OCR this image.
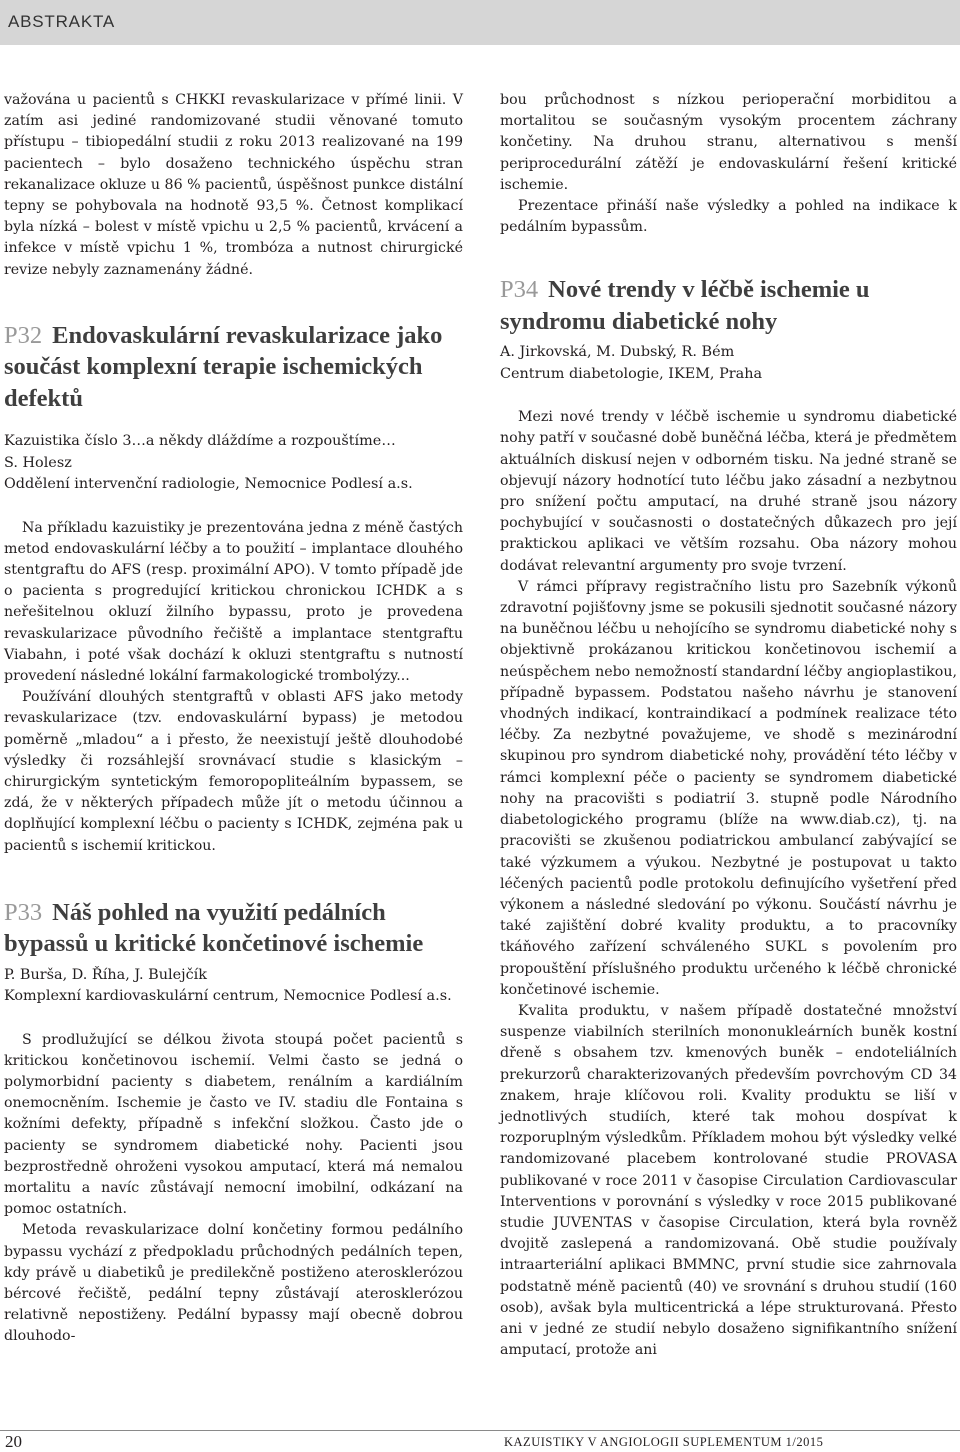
ABSTRAKTA

važována u pacientů s CHKKI revaskularizace v přímé linii. V zatím asi jediné randomizované studii věnované tomuto přístupu – tibiopedální studii z roku 2013 realizované na 199 pacientech – bylo dosaženo technického úspěchu stran rekanalizace okluze u 86 % pacientů, úspěšnost punkce distální tepny se pohybovala na hodnotě 93,5 %. Četnost komplikací byla nízká – bolest v místě vpichu u 2,5 % pacientů, krvácení a infekce v místě vpichu 1 %, trombóza a nutnost chirurgické revize nebyly zaznamenány žádné.

P32 Endovaskulární revaskularizace jako součást komplexní terapie ischemických defektů

Kazuistika číslo 3…a někdy dláždíme a rozpouštíme…

S. Holesz

Oddělení intervenční radiologie, Nemocnice Podlesí a.s.

Na příkladu kazuistiky je prezentována jedna z méně častých metod endovaskulární léčby a to použití – implantace dlouhého stentgraftu do AFS (resp. proximální APO). V tomto případě jde o pacienta s progredující kritickou chronickou ICHDK a s neřešitelnou okluzí žilního bypassu, proto je provedena revaskularizace původního řečiště a implantace stentgraftu Viabahn, i poté však dochází k okluzi stentgraftu s nutností provedení následné lokální farmakologické trombolýzy...

Používání dlouhých stentgraftů v oblasti AFS jako metody revaskularizace (tzv. endovaskulární bypass) je metodou poměrně „mladou“ a i přesto, že neexistují ještě dlouhodobé výsledky či rozsáhlejší srovnávací studie s klasickým – chirurgickým syntetickým femoropopliteálním bypassem, se zdá, že v některých případech může jít o metodu účinnou a doplňující komplexní léčbu o pacienty s ICHDK, zejména pak u pacientů s ischemií kritickou.

P33 Náš pohled na využití pedálních bypassů u kritické končetinové ischemie

P. Burša, D. Říha, J. Bulejčík

Komplexní kardiovaskulární centrum, Nemocnice Podlesí a.s.

S prodlužující se délkou života stoupá počet pacientů s kritickou končetinovou ischemií. Velmi často se jedná o polymorbidní pacienty s diabetem, renálním a kardiálním onemocněním. Ischemie je často ve IV. stadiu dle Fontaina s kožními defekty, případně s infekční složkou. Často jde o pacienty se syndromem diabetické nohy. Pacienti jsou bezprostředně ohroženi vysokou amputací, která má nemalou mortalitu a navíc zůstávají nemocní imobilní, odkázaní na pomoc ostatních.

Metoda revaskularizace dolní končetiny formou pedálního bypassu vychází z předpokladu průchodných pedálních tepen, kdy právě u diabetiků je predilekčně postiženo aterosklerózou bércové řečiště, pedální tepny zůstávají aterosklerózou relativně nepostiženy. Pedální bypassy mají obecně dobrou dlouhodo-

bou průchodnost s nízkou perioperační morbiditou a mortalitou se současným vysokým procentem záchrany končetiny. Na druhou stranu, alternativou s menší periprocedurální zátěží je endovaskulární řešení kritické ischemie.

Prezentace přináší naše výsledky a pohled na indikace k pedálním bypassům.

P34 Nové trendy v léčbě ischemie u syndromu diabetické nohy

A. Jirkovská, M. Dubský, R. Bém

Centrum diabetologie, IKEM, Praha

Mezi nové trendy v léčbě ischemie u syndromu diabetické nohy patří v současné době buněčná léčba, která je předmětem aktuálních diskusí nejen v odborném tisku. Na jedné straně se objevují názory hodnotící tuto léčbu jako zásadní a nezbytnou pro snížení počtu amputací, na druhé straně jsou názory pochybující v současnosti o dostatečných důkazech pro její praktickou aplikaci ve větším rozsahu. Oba názory mohou dodávat relevantní argumenty pro svoje tvrzení.

V rámci přípravy registračního listu pro Sazebník výkonů zdravotní pojišťovny jsme se pokusili sjednotit současné názory na buněčnou léčbu u nehojícího se syndromu diabetické nohy s objektivně prokázanou kritickou končetinovou ischemií a neúspěchem nebo nemožností standardní léčby angioplastikou, případně bypassem. Podstatou našeho návrhu je stanovení vhodných indikací, kontraindikací a podmínek realizace této léčby. Za nezbytné považujeme, ve shodě s mezinárodní skupinou pro syndrom diabetické nohy, provádění této léčby v rámci komplexní péče o pacienty se syndromem diabetické nohy na pracovišti s podiatrií 3. stupně podle Národního diabetologického programu (blíže na www.diab.cz), tj. na pracovišti se zkušenou podiatrickou ambulancí zabývající se také výzkumem a výukou. Nezbytné je postupovat u takto léčených pacientů podle protokolu definujícího vyšetření před výkonem a následné sledování po výkonu. Součástí návrhu je také zajištění dobré kvality produktu, a to pracovníky tkáňového zařízení schváleného SUKL s povolením pro propouštění příslušného produktu určeného k léčbě chronické končetinové ischemie.

Kvalita produktu, v našem případě dostatečné množství suspenze viabilních sterilních mononukleárních buněk kostní dřeně s obsahem tzv. kmenových buněk – endoteliálních prekurzorů charakterizovaných především povrchovým CD 34 znakem, hraje klíčovou roli. Kvality produktu se liší v jednotlivých studiích, které tak mohou dospívat k rozporuplným výsledkům. Příkladem mohou být výsledky velké randomizované placebem kontrolované studie PROVASA publikované v roce 2011 v časopise Circulation Cardiovascular Interventions v porovnání s výsledky v roce 2015 publikované studie JUVENTAS v časopise Circulation, která byla rovněž dvojitě zaslepená a randomizovaná. Obě studie používaly intraarteriální aplikaci BMMNC, první studie sice zahrnovala podstatně méně pacientů (40) ve srovnání s druhou studií (160 osob), avšak byla multicentrická a lépe strukturovaná. Přesto ani v jedné ze studií nebylo dosaženo signifikantního snížení amputací, protože ani

20	KAZUISTIKY V ANGIOLOGII SUPLEMENTUM 1/2015
